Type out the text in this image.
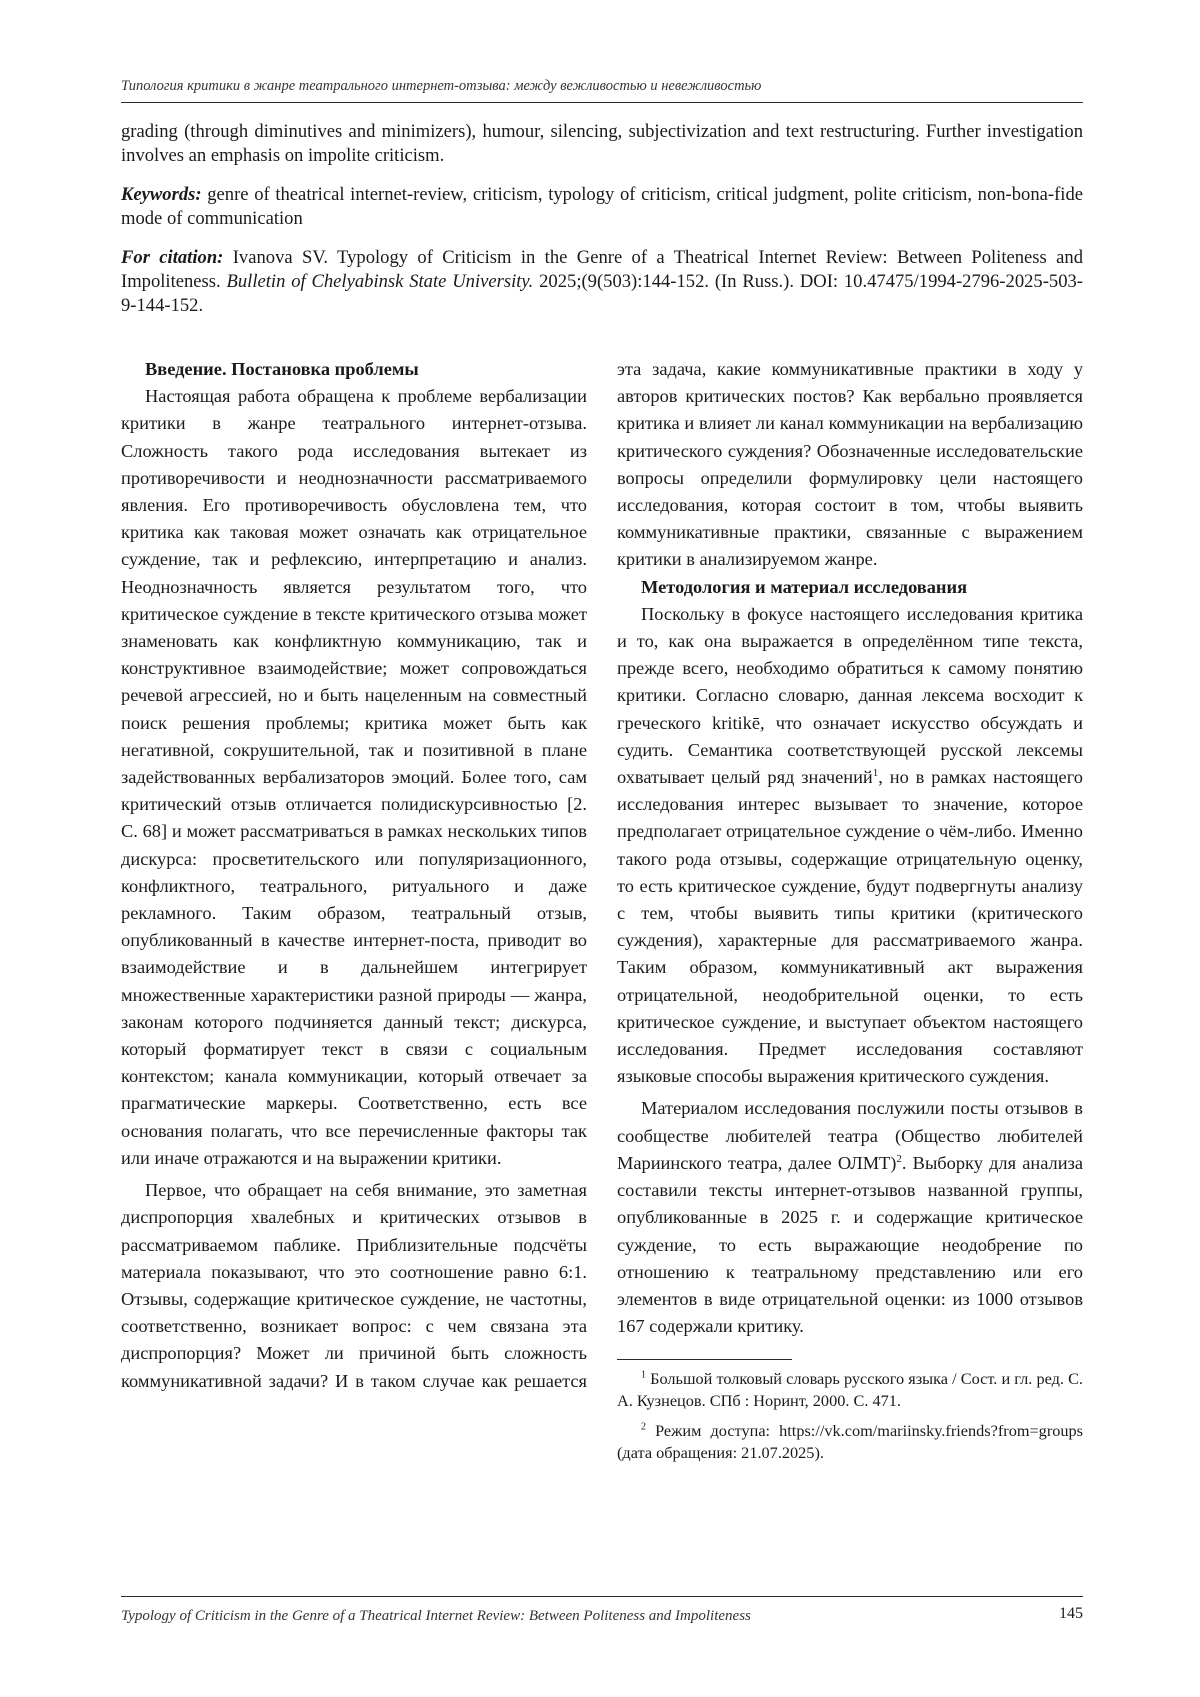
Типология критики в жанре театрального интернет-отзыва: между вежливостью и невежливостью

grading (through diminutives and minimizers), humour, silencing, subjectivization and text restructuring. Further investigation involves an emphasis on impolite criticism.

Keywords: genre of theatrical internet-review, criticism, typology of criticism, critical judgment, polite criticism, non-bona-fide mode of communication

For citation: Ivanova SV. Typology of Criticism in the Genre of a Theatrical Internet Review: Between Politeness and Impoliteness. Bulletin of Chelyabinsk State University. 2025;(9(503):144-152. (In Russ.). DOI: 10.47475/1994-2796-2025-503-9-144-152.

Введение. Постановка проблемы

Настоящая работа обращена к проблеме вербализации критики в жанре театрального интернет-отзыва. Сложность такого рода исследования вытекает из противоречивости и неоднозначности рассматриваемого явления. Его противоречивость обусловлена тем, что критика как таковая может означать как отрицательное суждение, так и рефлексию, интерпретацию и анализ. Неоднозначность является результатом того, что критическое суждение в тексте критического отзыва может знаменовать как конфликтную коммуникацию, так и конструктивное взаимодействие; может сопровождаться речевой агрессией, но и быть нацеленным на совместный поиск решения проблемы; критика может быть как негативной, сокрушительной, так и позитивной в плане задействованных вербализаторов эмоций. Более того, сам критический отзыв отличается полидискурсивностью [2. С. 68] и может рассматриваться в рамках нескольких типов дискурса: просветительского или популяризационного, конфликтного, театрального, ритуального и даже рекламного. Таким образом, театральный отзыв, опубликованный в качестве интернет-поста, приводит во взаимодействие и в дальнейшем интегрирует множественные характеристики разной природы — жанра, законам которого подчиняется данный текст; дискурса, который форматирует текст в связи с социальным контекстом; канала коммуникации, который отвечает за прагматические маркеры. Соответственно, есть все основания полагать, что все перечисленные факторы так или иначе отражаются и на выражении критики.

Первое, что обращает на себя внимание, это заметная диспропорция хвалебных и критических отзывов в рассматриваемом паблике. Приблизительные подсчёты материала показывают, что это соотношение равно 6:1. Отзывы, содержащие критическое суждение, не частотны, соответственно, возникает вопрос: с чем связана эта диспропорция? Может ли причиной быть сложность коммуникативной задачи? И в таком случае как решается

эта задача, какие коммуникативные практики в ходу у авторов критических постов? Как вербально проявляется критика и влияет ли канал коммуникации на вербализацию критического суждения? Обозначенные исследовательские вопросы определили формулировку цели настоящего исследования, которая состоит в том, чтобы выявить коммуникативные практики, связанные с выражением критики в анализируемом жанре.

Методология и материал исследования

Поскольку в фокусе настоящего исследования критика и то, как она выражается в определённом типе текста, прежде всего, необходимо обратиться к самому понятию критики. Согласно словарю, данная лексема восходит к греческого kritikē, что означает искусство обсуждать и судить. Семантика соответствующей русской лексемы охватывает целый ряд значений$^1$, но в рамках настоящего исследования интерес вызывает то значение, которое предполагает отрицательное суждение о чём-либо. Именно такого рода отзывы, содержащие отрицательную оценку, то есть критическое суждение, будут подвергнуты анализу с тем, чтобы выявить типы критики (критического суждения), характерные для рассматриваемого жанра. Таким образом, коммуникативный акт выражения отрицательной, неодобрительной оценки, то есть критическое суждение, и выступает объектом настоящего исследования. Предмет исследования составляют языковые способы выражения критического суждения.

Материалом исследования послужили посты отзывов в сообществе любителей театра (Общество любителей Мариинского театра, далее ОЛМТ)$^2$. Выборку для анализа составили тексты интернет-отзывов названной группы, опубликованные в 2025 г. и содержащие критическое суждение, то есть выражающие неодобрение по отношению к театральному представлению или его элементов в виде отрицательной оценки: из 1000 отзывов 167 содержали критику.

$^1$ Большой толковый словарь русского языка / Сост. и гл. ред. С. А. Кузнецов. СПб : Норинт, 2000. С. 471.
$^2$ Режим доступа: https://vk.com/mariinsky.friends?from=groups (дата обращения: 21.07.2025).
Typology of Criticism in the Genre of a Theatrical Internet Review: Between Politeness and Impoliteness	145
